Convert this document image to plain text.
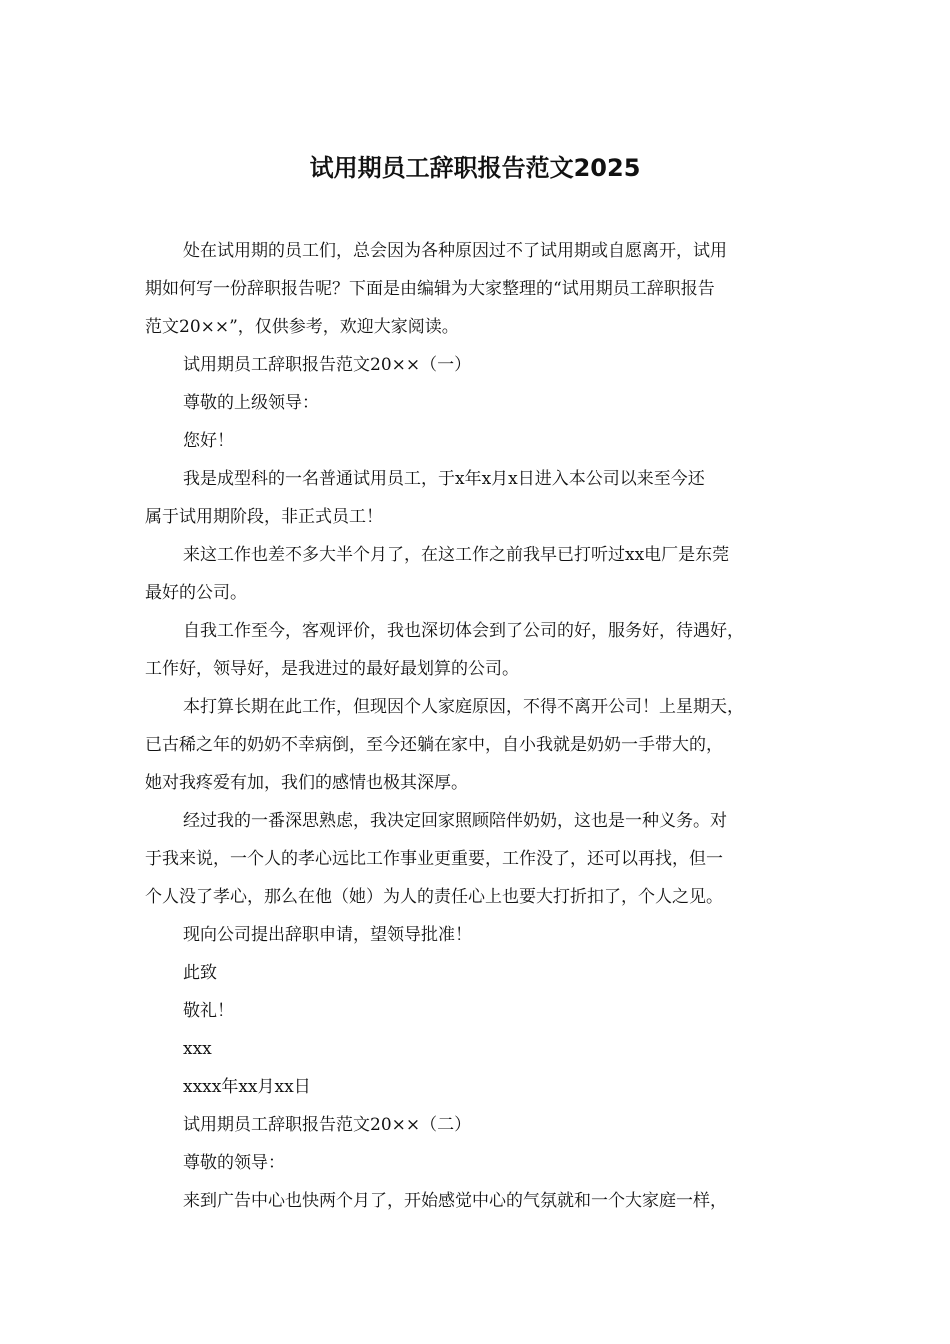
试用期员工辞职报告范文2025
处在试用期的员工们，总会因为各种原因过不了试用期或自愿离开，试用
期如何写一份辞职报告呢？下面是由编辑为大家整理的“试用期员工辞职报告
范文20××”，仅供参考，欢迎大家阅读。
试用期员工辞职报告范文20××（一）
尊敬的上级领导：
您好！
我是成型科的一名普通试用员工，于x年x月x日进入本公司以来至今还
属于试用期阶段，非正式员工！
来这工作也差不多大半个月了，在这工作之前我早已打听过xx电厂是东莞
最好的公司。
自我工作至今，客观评价，我也深切体会到了公司的好，服务好，待遇好，
工作好，领导好，是我进过的最好最划算的公司。
本打算长期在此工作，但现因个人家庭原因，不得不离开公司！上星期天，
已古稀之年的奶奶不幸病倒，至今还躺在家中，自小我就是奶奶一手带大的，
她对我疼爱有加，我们的感情也极其深厚。
经过我的一番深思熟虑，我决定回家照顾陪伴奶奶，这也是一种义务。对
于我来说，一个人的孝心远比工作事业更重要，工作没了，还可以再找，但一
个人没了孝心，那么在他（她）为人的责任心上也要大打折扣了，个人之见。
现向公司提出辞职申请，望领导批准！
此致
敬礼！
xxx
xxxx年xx月xx日
试用期员工辞职报告范文20××（二）
尊敬的领导：
来到广告中心也快两个月了，开始感觉中心的气氛就和一个大家庭一样，
